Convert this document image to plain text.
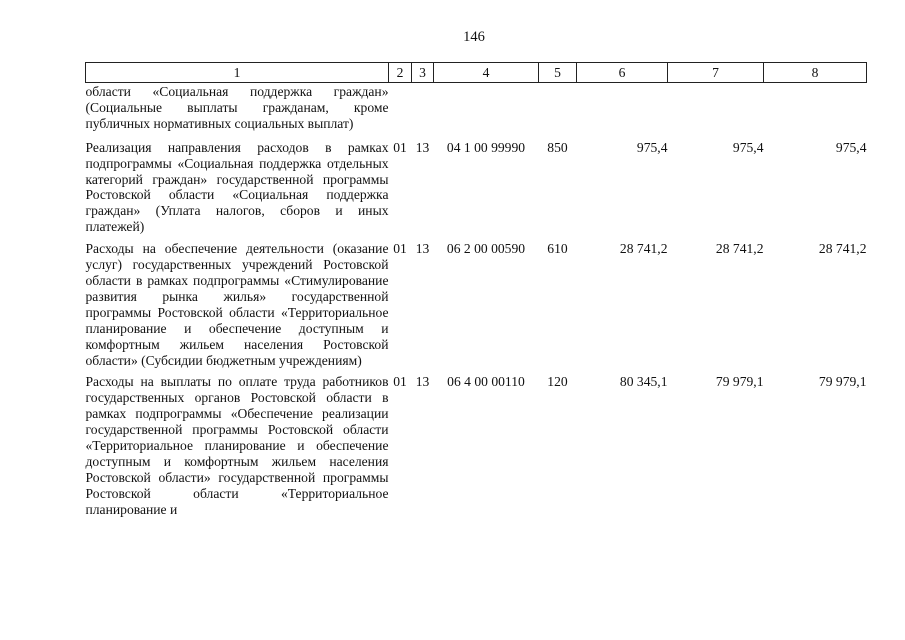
146
1	2	3	4	5	6	7	8
области «Социальная поддержка граждан» (Социальные выплаты гражданам, кроме публичных нормативных социальных выплат)							
Реализация направления расходов в рамках подпрограммы «Социальная поддержка отдельных категорий граждан» государственной программы Ростовской области «Социальная поддержка граждан» (Уплата налогов, сборов и иных платежей)	01	13	04 1 00 99990	850	975,4	975,4	975,4
Расходы на обеспечение деятельности (оказание услуг) государственных учреждений Ростовской области в рамках подпрограммы «Стимулирование развития рынка жилья» государственной программы Ростовской области «Территориальное планирование и обеспечение доступным и комфортным жильем населения Ростовской области» (Субсидии бюджетным учреждениям)	01	13	06 2 00 00590	610	28 741,2	28 741,2	28 741,2
Расходы на выплаты по оплате труда работников государственных органов Ростовской области в рамках подпрограммы «Обеспечение реализации государственной программы Ростовской области «Территориальное планирование и обеспечение доступным и комфортным жильем населения Ростовской области» государственной программы Ростовской области «Территориальное планирование и	01	13	06 4 00 00110	120	80 345,1	79 979,1	79 979,1
